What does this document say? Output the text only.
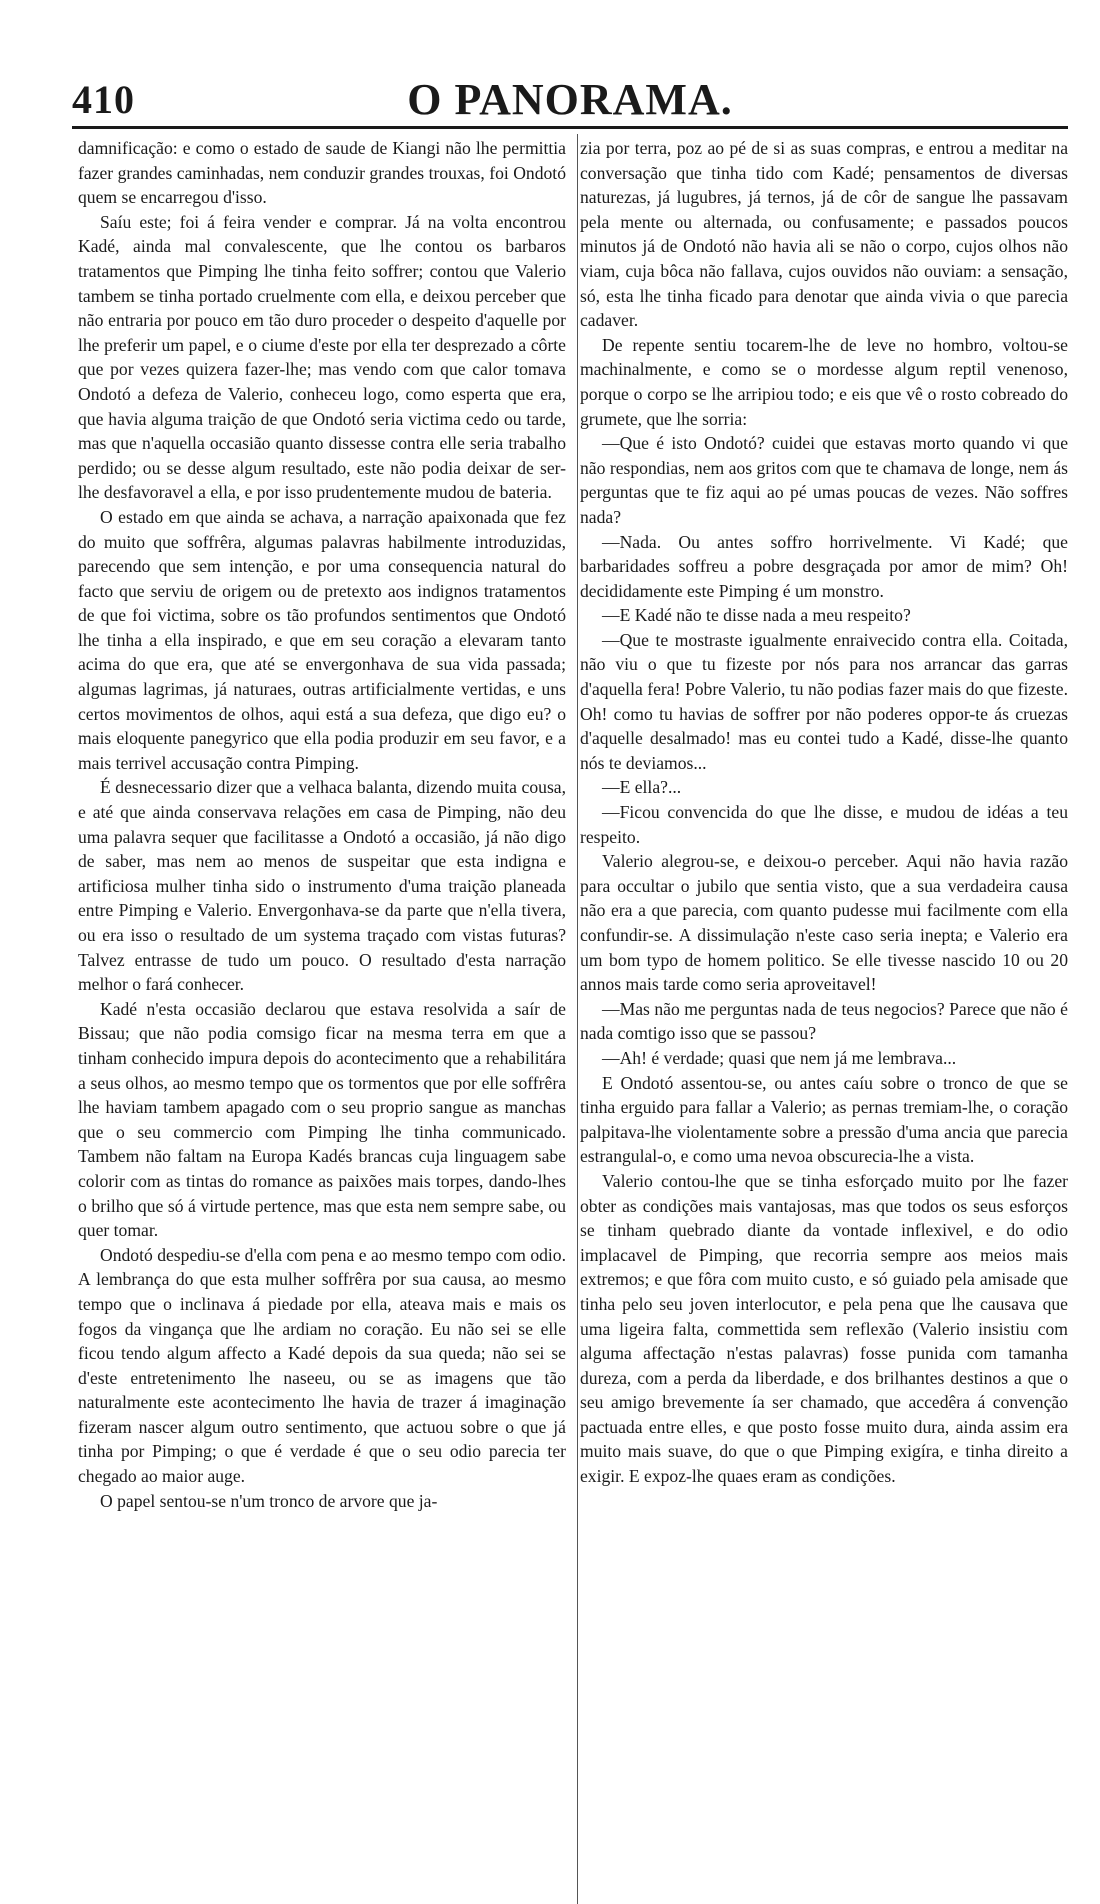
410	O PANORAMA.

damnificação: e como o estado de saude de Kiangi não lhe permittia fazer grandes caminhadas, nem conduzir grandes trouxas, foi Ondotó quem se encarregou d'isso.

Saíu este; foi á feira vender e comprar. Já na volta encontrou Kadé, ainda mal convalescente, que lhe contou os barbaros tratamentos que Pimping lhe tinha feito soffrer; contou que Valerio tambem se tinha portado cruelmente com ella, e deixou perceber que não entraria por pouco em tão duro proceder o despeito d'aquelle por lhe preferir um papel, e o ciume d'este por ella ter desprezado a côrte que por vezes quizera fazer-lhe; mas vendo com que calor tomava Ondotó a defeza de Valerio, conheceu logo, como esperta que era, que havia alguma traição de que Ondotó seria victima cedo ou tarde, mas que n'aquella occasião quanto dissesse contra elle seria trabalho perdido; ou se desse algum resultado, este não podia deixar de ser-lhe desfavoravel a ella, e por isso prudentemente mudou de bateria.

O estado em que ainda se achava, a narração apaixonada que fez do muito que soffrêra, algumas palavras habilmente introduzidas, parecendo que sem intenção, e por uma consequencia natural do facto que serviu de origem ou de pretexto aos indignos tratamentos de que foi victima, sobre os tão profundos sentimentos que Ondotó lhe tinha a ella inspirado, e que em seu coração a elevaram tanto acima do que era, que até se envergonhava de sua vida passada; algumas lagrimas, já naturaes, outras artificialmente vertidas, e uns certos movimentos de olhos, aqui está a sua defeza, que digo eu? o mais eloquente panegyrico que ella podia produzir em seu favor, e a mais terrivel accusação contra Pimping.

É desnecessario dizer que a velhaca balanta, dizendo muita cousa, e até que ainda conservava relações em casa de Pimping, não deu uma palavra sequer que facilitasse a Ondotó a occasião, já não digo de saber, mas nem ao menos de suspeitar que esta indigna e artificiosa mulher tinha sido o instrumento d'uma traição planeada entre Pimping e Valerio. Envergonhava-se da parte que n'ella tivera, ou era isso o resultado de um systema traçado com vistas futuras? Talvez entrasse de tudo um pouco. O resultado d'esta narração melhor o fará conhecer.

Kadé n'esta occasião declarou que estava resolvida a saír de Bissau; que não podia comsigo ficar na mesma terra em que a tinham conhecido impura depois do acontecimento que a rehabilitára a seus olhos, ao mesmo tempo que os tormentos que por elle soffrêra lhe haviam tambem apagado com o seu proprio sangue as manchas que o seu commercio com Pimping lhe tinha communicado. Tambem não faltam na Europa Kadés brancas cuja linguagem sabe colorir com as tintas do romance as paixões mais torpes, dando-lhes o brilho que só á virtude pertence, mas que esta nem sempre sabe, ou quer tomar.

Ondotó despediu-se d'ella com pena e ao mesmo tempo com odio. A lembrança do que esta mulher soffrêra por sua causa, ao mesmo tempo que o inclinava á piedade por ella, ateava mais e mais os fogos da vingança que lhe ardiam no coração. Eu não sei se elle ficou tendo algum affecto a Kadé depois da sua queda; não sei se d'este entretenimento lhe naseeu, ou se as imagens que tão naturalmente este acontecimento lhe havia de trazer á imaginação fizeram nascer algum outro sentimento, que actuou sobre o que já tinha por Pimping; o que é verdade é que o seu odio parecia ter chegado ao maior auge.

O papel sentou-se n'um tronco de arvore que ja-

zia por terra, poz ao pé de si as suas compras, e entrou a meditar na conversação que tinha tido com Kadé; pensamentos de diversas naturezas, já lugubres, já ternos, já de côr de sangue lhe passavam pela mente ou alternada, ou confusamente; e passados poucos minutos já de Ondotó não havia ali se não o corpo, cujos olhos não viam, cuja bôca não fallava, cujos ouvidos não ouviam: a sensação, só, esta lhe tinha ficado para denotar que ainda vivia o que parecia cadaver.

De repente sentiu tocarem-lhe de leve no hombro, voltou-se machinalmente, e como se o mordesse algum reptil venenoso, porque o corpo se lhe arripiou todo; e eis que vê o rosto cobreado do grumete, que lhe sorria:

—Que é isto Ondotó? cuidei que estavas morto quando vi que não respondias, nem aos gritos com que te chamava de longe, nem ás perguntas que te fiz aqui ao pé umas poucas de vezes. Não soffres nada?

—Nada. Ou antes soffro horrivelmente. Vi Kadé; que barbaridades soffreu a pobre desgraçada por amor de mim? Oh! decididamente este Pimping é um monstro.

—E Kadé não te disse nada a meu respeito?

—Que te mostraste igualmente enraivecido contra ella. Coitada, não viu o que tu fizeste por nós para nos arrancar das garras d'aquella fera! Pobre Valerio, tu não podias fazer mais do que fizeste. Oh! como tu havias de soffrer por não poderes oppor-te ás cruezas d'aquelle desalmado! mas eu contei tudo a Kadé, disse-lhe quanto nós te deviamos...

—E ella?...

—Ficou convencida do que lhe disse, e mudou de idéas a teu respeito.

Valerio alegrou-se, e deixou-o perceber. Aqui não havia razão para occultar o jubilo que sentia visto, que a sua verdadeira causa não era a que parecia, com quanto pudesse mui facilmente com ella confundir-se. A dissimulação n'este caso seria inepta; e Valerio era um bom typo de homem politico. Se elle tivesse nascido 10 ou 20 annos mais tarde como seria aproveitavel!

—Mas não me perguntas nada de teus negocios? Parece que não é nada comtigo isso que se passou?

—Ah! é verdade; quasi que nem já me lembrava...

E Ondotó assentou-se, ou antes caíu sobre o tronco de que se tinha erguido para fallar a Valerio; as pernas tremiam-lhe, o coração palpitava-lhe violentamente sobre a pressão d'uma ancia que parecia estrangulal-o, e como uma nevoa obscurecia-lhe a vista.

Valerio contou-lhe que se tinha esforçado muito por lhe fazer obter as condições mais vantajosas, mas que todos os seus esforços se tinham quebrado diante da vontade inflexivel, e do odio implacavel de Pimping, que recorria sempre aos meios mais extremos; e que fôra com muito custo, e só guiado pela amisade que tinha pelo seu joven interlocutor, e pela pena que lhe causava que uma ligeira falta, commettida sem reflexão (Valerio insistiu com alguma affectação n'estas palavras) fosse punida com tamanha dureza, com a perda da liberdade, e dos brilhantes destinos a que o seu amigo brevemente ía ser chamado, que accedêra á convenção pactuada entre elles, e que posto fosse muito dura, ainda assim era muito mais suave, do que o que Pimping exigíra, e tinha direito a exigir. E expoz-lhe quaes eram as condições.
